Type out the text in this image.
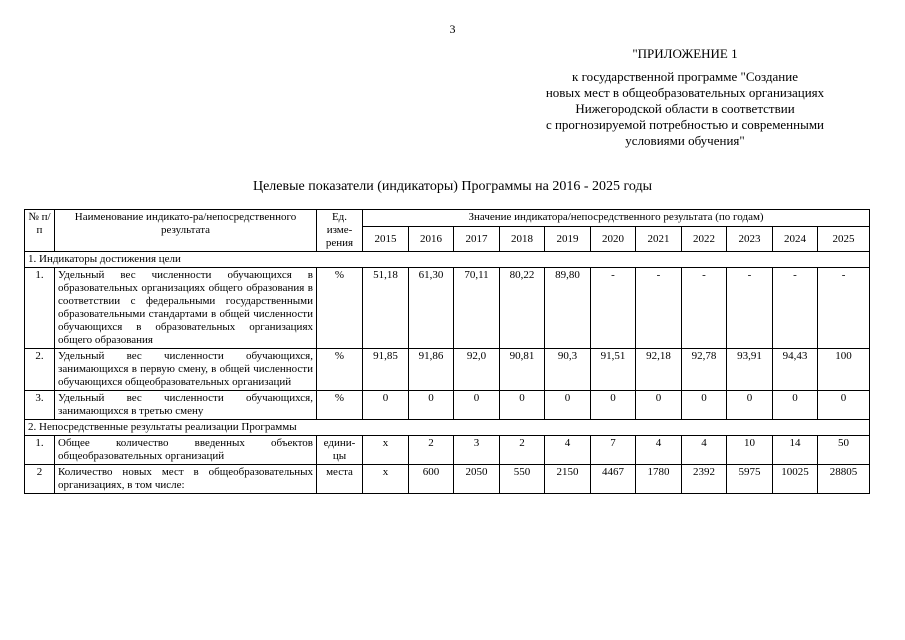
3
"ПРИЛОЖЕНИЕ 1
к государственной программе "Создание
новых мест в общеобразовательных организациях
Нижегородской области в соответствии
с прогнозируемой потребностью и современными
условиями обучения"
Целевые показатели (индикаторы) Программы на 2016 - 2025 годы
№ п/п	Наименование индикато-ра/непосредственного результата	Ед. изме-рения	Значение индикатора/непосредственного результата (по годам)										
			2015	2016	2017	2018	2019	2020	2021	2022	2023	2024	2025
1. Индикаторы достижения цели													
1.	Удельный вес численности обучающихся в образовательных организациях общего образования в соответствии с федеральными государственными образовательными стандартами в общей численности обучающихся в образовательных организациях общего образования	%	51,18	61,30	70,11	80,22	89,80	-	-	-	-	-	-
2.	Удельный вес численности обучающихся, занимающихся в первую смену, в общей численности обучающихся общеобразовательных организаций	%	91,85	91,86	92,0	90,81	90,3	91,51	92,18	92,78	93,91	94,43	100
3.	Удельный вес численности обучающихся, занимающихся в третью смену	%	0	0	0	0	0	0	0	0	0	0	0
2. Непосредственные результаты реализации Программы													
1.	Общее количество введенных объектов общеобразовательных организаций	едини-цы	х	2	3	2	4	7	4	4	10	14	50
2	Количество новых мест в общеобразовательных организациях, в том числе:	места	х	600	2050	550	2150	4467	1780	2392	5975	10025	28805
